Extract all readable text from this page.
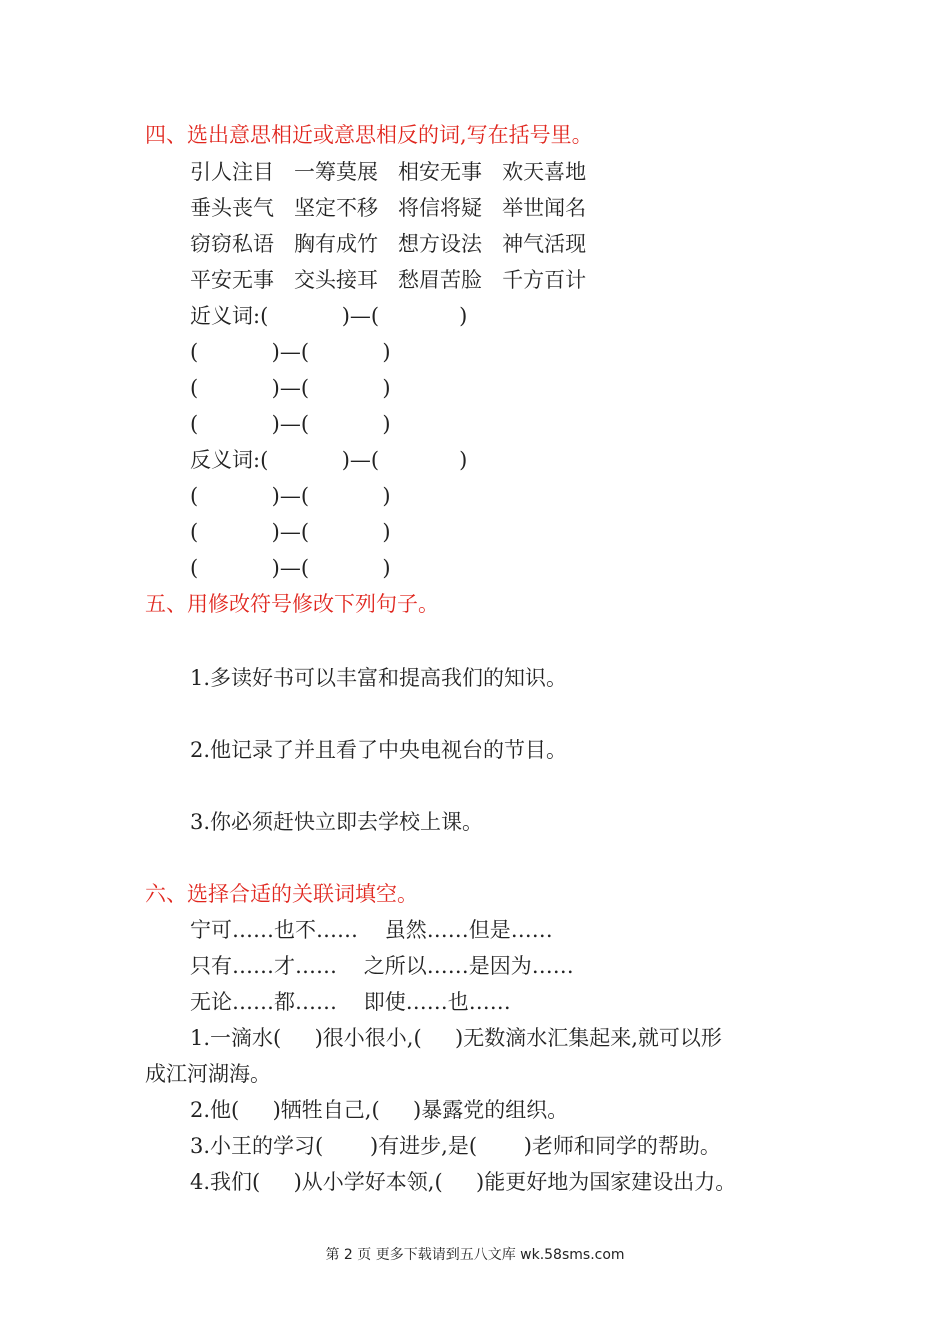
四、选出意思相近或意思相反的词,写在括号里。
引人注目   一筹莫展   相安无事   欢天喜地
垂头丧气   坚定不移   将信将疑   举世闻名
窃窃私语   胸有成竹   想方设法   神气活现
平安无事   交头接耳   愁眉苦脸   千方百计
近义词:(           )—(            )
(           )—(           )
(           )—(           )
(           )—(           )
反义词:(           )—(            )
(           )—(           )
(           )—(           )
(           )—(           )
五、用修改符号修改下列句子。
1.多读好书可以丰富和提高我们的知识。
2.他记录了并且看了中央电视台的节目。
3.你必须赶快立即去学校上课。
六、选择合适的关联词填空。
宁可……也不……    虽然……但是……
只有……才……    之所以……是因为……
无论……都……    即使……也……
1.一滴水(     )很小很小,(     )无数滴水汇集起来,就可以形
成江河湖海。
2.他(     )牺牲自己,(     )暴露党的组织。
3.小王的学习(       )有进步,是(       )老师和同学的帮助。
4.我们(     )从小学好本领,(     )能更好地为国家建设出力。
第 2 页 更多下载请到五八文库 wk.58sms.com
